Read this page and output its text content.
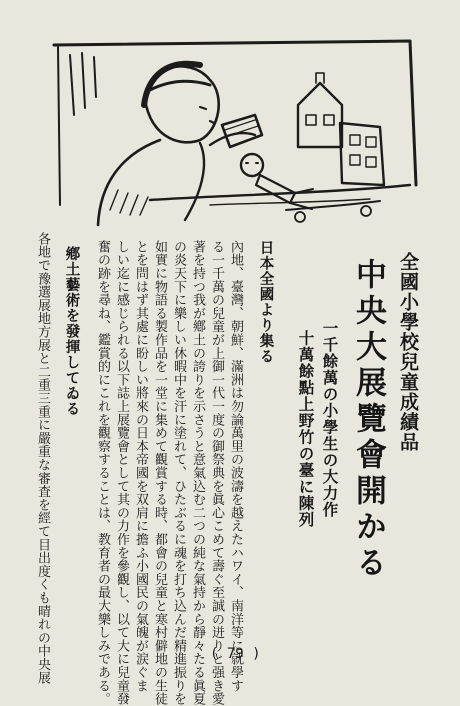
全國小學校兒童成績品
中央大展覽會開かる
一千餘萬の小學生の大力作
十萬餘點上野竹の臺に陳列
日本全國より集る
內地、臺灣、朝鮮、滿洲は勿論萬里の波濤を越えたハワイ、南洋等に就學す
る一千萬の兒童が上御一代一度の御祭典を眞心こめて壽ぐ至誠の迸りと强き愛
著を持つ我が鄕土の誇りを示さうと意氣込む二つの純な氣持から靜々たる眞夏
の炎天下に樂しい休暇中を汗に塗れて、ひたぶるに魂を打ち込んだ精進振りを
如實に物語る製作品を一堂に集めて觀賞する時、都會の兒童と寒村僻地の生徒
とを問はず其處に盼しい將來の日本帝國を双肩に擔ふ小國民の氣魄が涙ぐま
しい迄に感じられる以下誌上展覽會として其の力作を參觀し、以て大に兒童發
奮の跡を尋ね、鑑賞的にこれを觀察することは、教育者の最大樂しみである。
鄕土藝術を發揮してゐる
各地で豫選展地方展と二重三重に嚴重な審査を經て目出度くも晴れの中央展	( 79 )
